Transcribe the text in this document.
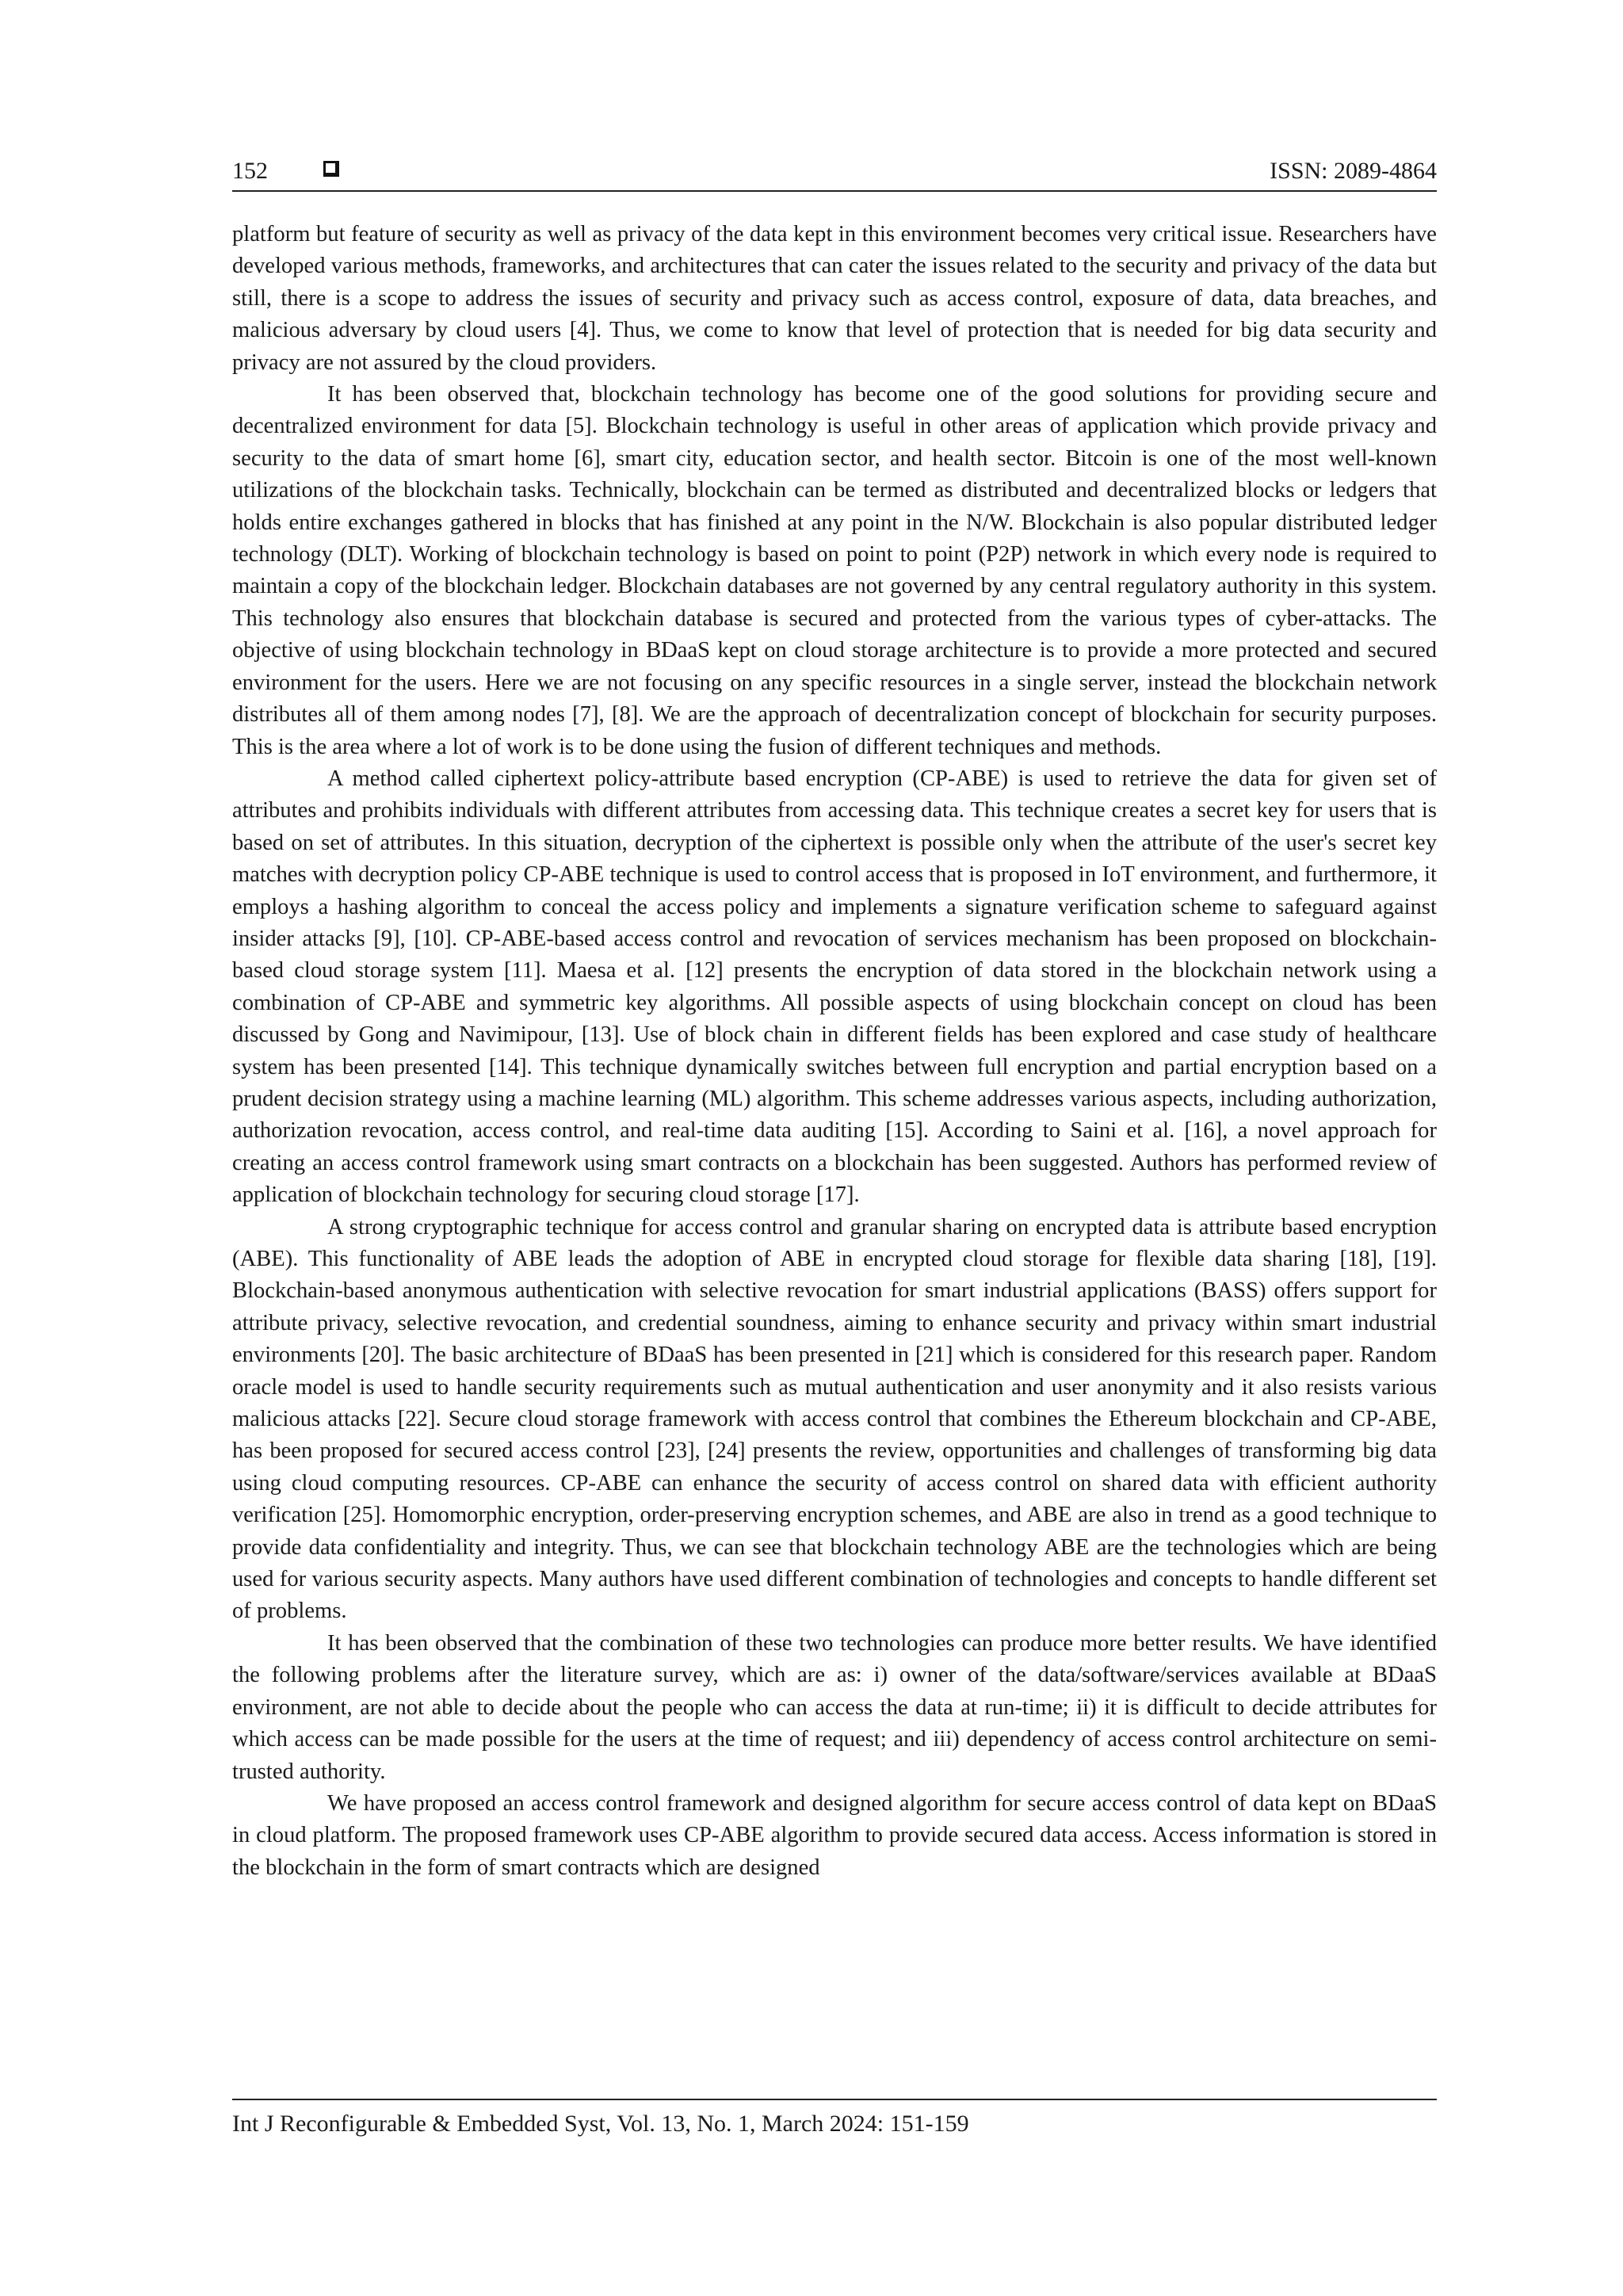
152	ISSN: 2089-4864

platform but feature of security as well as privacy of the data kept in this environment becomes very critical issue. Researchers have developed various methods, frameworks, and architectures that can cater the issues related to the security and privacy of the data but still, there is a scope to address the issues of security and privacy such as access control, exposure of data, data breaches, and malicious adversary by cloud users [4]. Thus, we come to know that level of protection that is needed for big data security and privacy are not assured by the cloud providers.

It has been observed that, blockchain technology has become one of the good solutions for providing secure and decentralized environment for data [5]. Blockchain technology is useful in other areas of application which provide privacy and security to the data of smart home [6], smart city, education sector, and health sector. Bitcoin is one of the most well-known utilizations of the blockchain tasks. Technically, blockchain can be termed as distributed and decentralized blocks or ledgers that holds entire exchanges gathered in blocks that has finished at any point in the N/W. Blockchain is also popular distributed ledger technology (DLT). Working of blockchain technology is based on point to point (P2P) network in which every node is required to maintain a copy of the blockchain ledger. Blockchain databases are not governed by any central regulatory authority in this system. This technology also ensures that blockchain database is secured and protected from the various types of cyber-attacks. The objective of using blockchain technology in BDaaS kept on cloud storage architecture is to provide a more protected and secured environment for the users. Here we are not focusing on any specific resources in a single server, instead the blockchain network distributes all of them among nodes [7], [8]. We are the approach of decentralization concept of blockchain for security purposes. This is the area where a lot of work is to be done using the fusion of different techniques and methods.

A method called ciphertext policy-attribute based encryption (CP-ABE) is used to retrieve the data for given set of attributes and prohibits individuals with different attributes from accessing data. This technique creates a secret key for users that is based on set of attributes. In this situation, decryption of the ciphertext is possible only when the attribute of the user's secret key matches with decryption policy CP-ABE technique is used to control access that is proposed in IoT environment, and furthermore, it employs a hashing algorithm to conceal the access policy and implements a signature verification scheme to safeguard against insider attacks [9], [10]. CP-ABE-based access control and revocation of services mechanism has been proposed on blockchain-based cloud storage system [11]. Maesa et al. [12] presents the encryption of data stored in the blockchain network using a combination of CP-ABE and symmetric key algorithms. All possible aspects of using blockchain concept on cloud has been discussed by Gong and Navimipour, [13]. Use of block chain in different fields has been explored and case study of healthcare system has been presented [14]. This technique dynamically switches between full encryption and partial encryption based on a prudent decision strategy using a machine learning (ML) algorithm. This scheme addresses various aspects, including authorization, authorization revocation, access control, and real-time data auditing [15]. According to Saini et al. [16], a novel approach for creating an access control framework using smart contracts on a blockchain has been suggested. Authors has performed review of application of blockchain technology for securing cloud storage [17].

A strong cryptographic technique for access control and granular sharing on encrypted data is attribute based encryption (ABE). This functionality of ABE leads the adoption of ABE in encrypted cloud storage for flexible data sharing [18], [19]. Blockchain-based anonymous authentication with selective revocation for smart industrial applications (BASS) offers support for attribute privacy, selective revocation, and credential soundness, aiming to enhance security and privacy within smart industrial environments [20]. The basic architecture of BDaaS has been presented in [21] which is considered for this research paper. Random oracle model is used to handle security requirements such as mutual authentication and user anonymity and it also resists various malicious attacks [22]. Secure cloud storage framework with access control that combines the Ethereum blockchain and CP-ABE, has been proposed for secured access control [23], [24] presents the review, opportunities and challenges of transforming big data using cloud computing resources. CP-ABE can enhance the security of access control on shared data with efficient authority verification [25]. Homomorphic encryption, order-preserving encryption schemes, and ABE are also in trend as a good technique to provide data confidentiality and integrity. Thus, we can see that blockchain technology ABE are the technologies which are being used for various security aspects. Many authors have used different combination of technologies and concepts to handle different set of problems.

It has been observed that the combination of these two technologies can produce more better results. We have identified the following problems after the literature survey, which are as: i) owner of the data/software/services available at BDaaS environment, are not able to decide about the people who can access the data at run-time; ii) it is difficult to decide attributes for which access can be made possible for the users at the time of request; and iii) dependency of access control architecture on semi-trusted authority.

We have proposed an access control framework and designed algorithm for secure access control of data kept on BDaaS in cloud platform. The proposed framework uses CP-ABE algorithm to provide secured data access. Access information is stored in the blockchain in the form of smart contracts which are designed

Int J Reconfigurable & Embedded Syst, Vol. 13, No. 1, March 2024: 151-159
